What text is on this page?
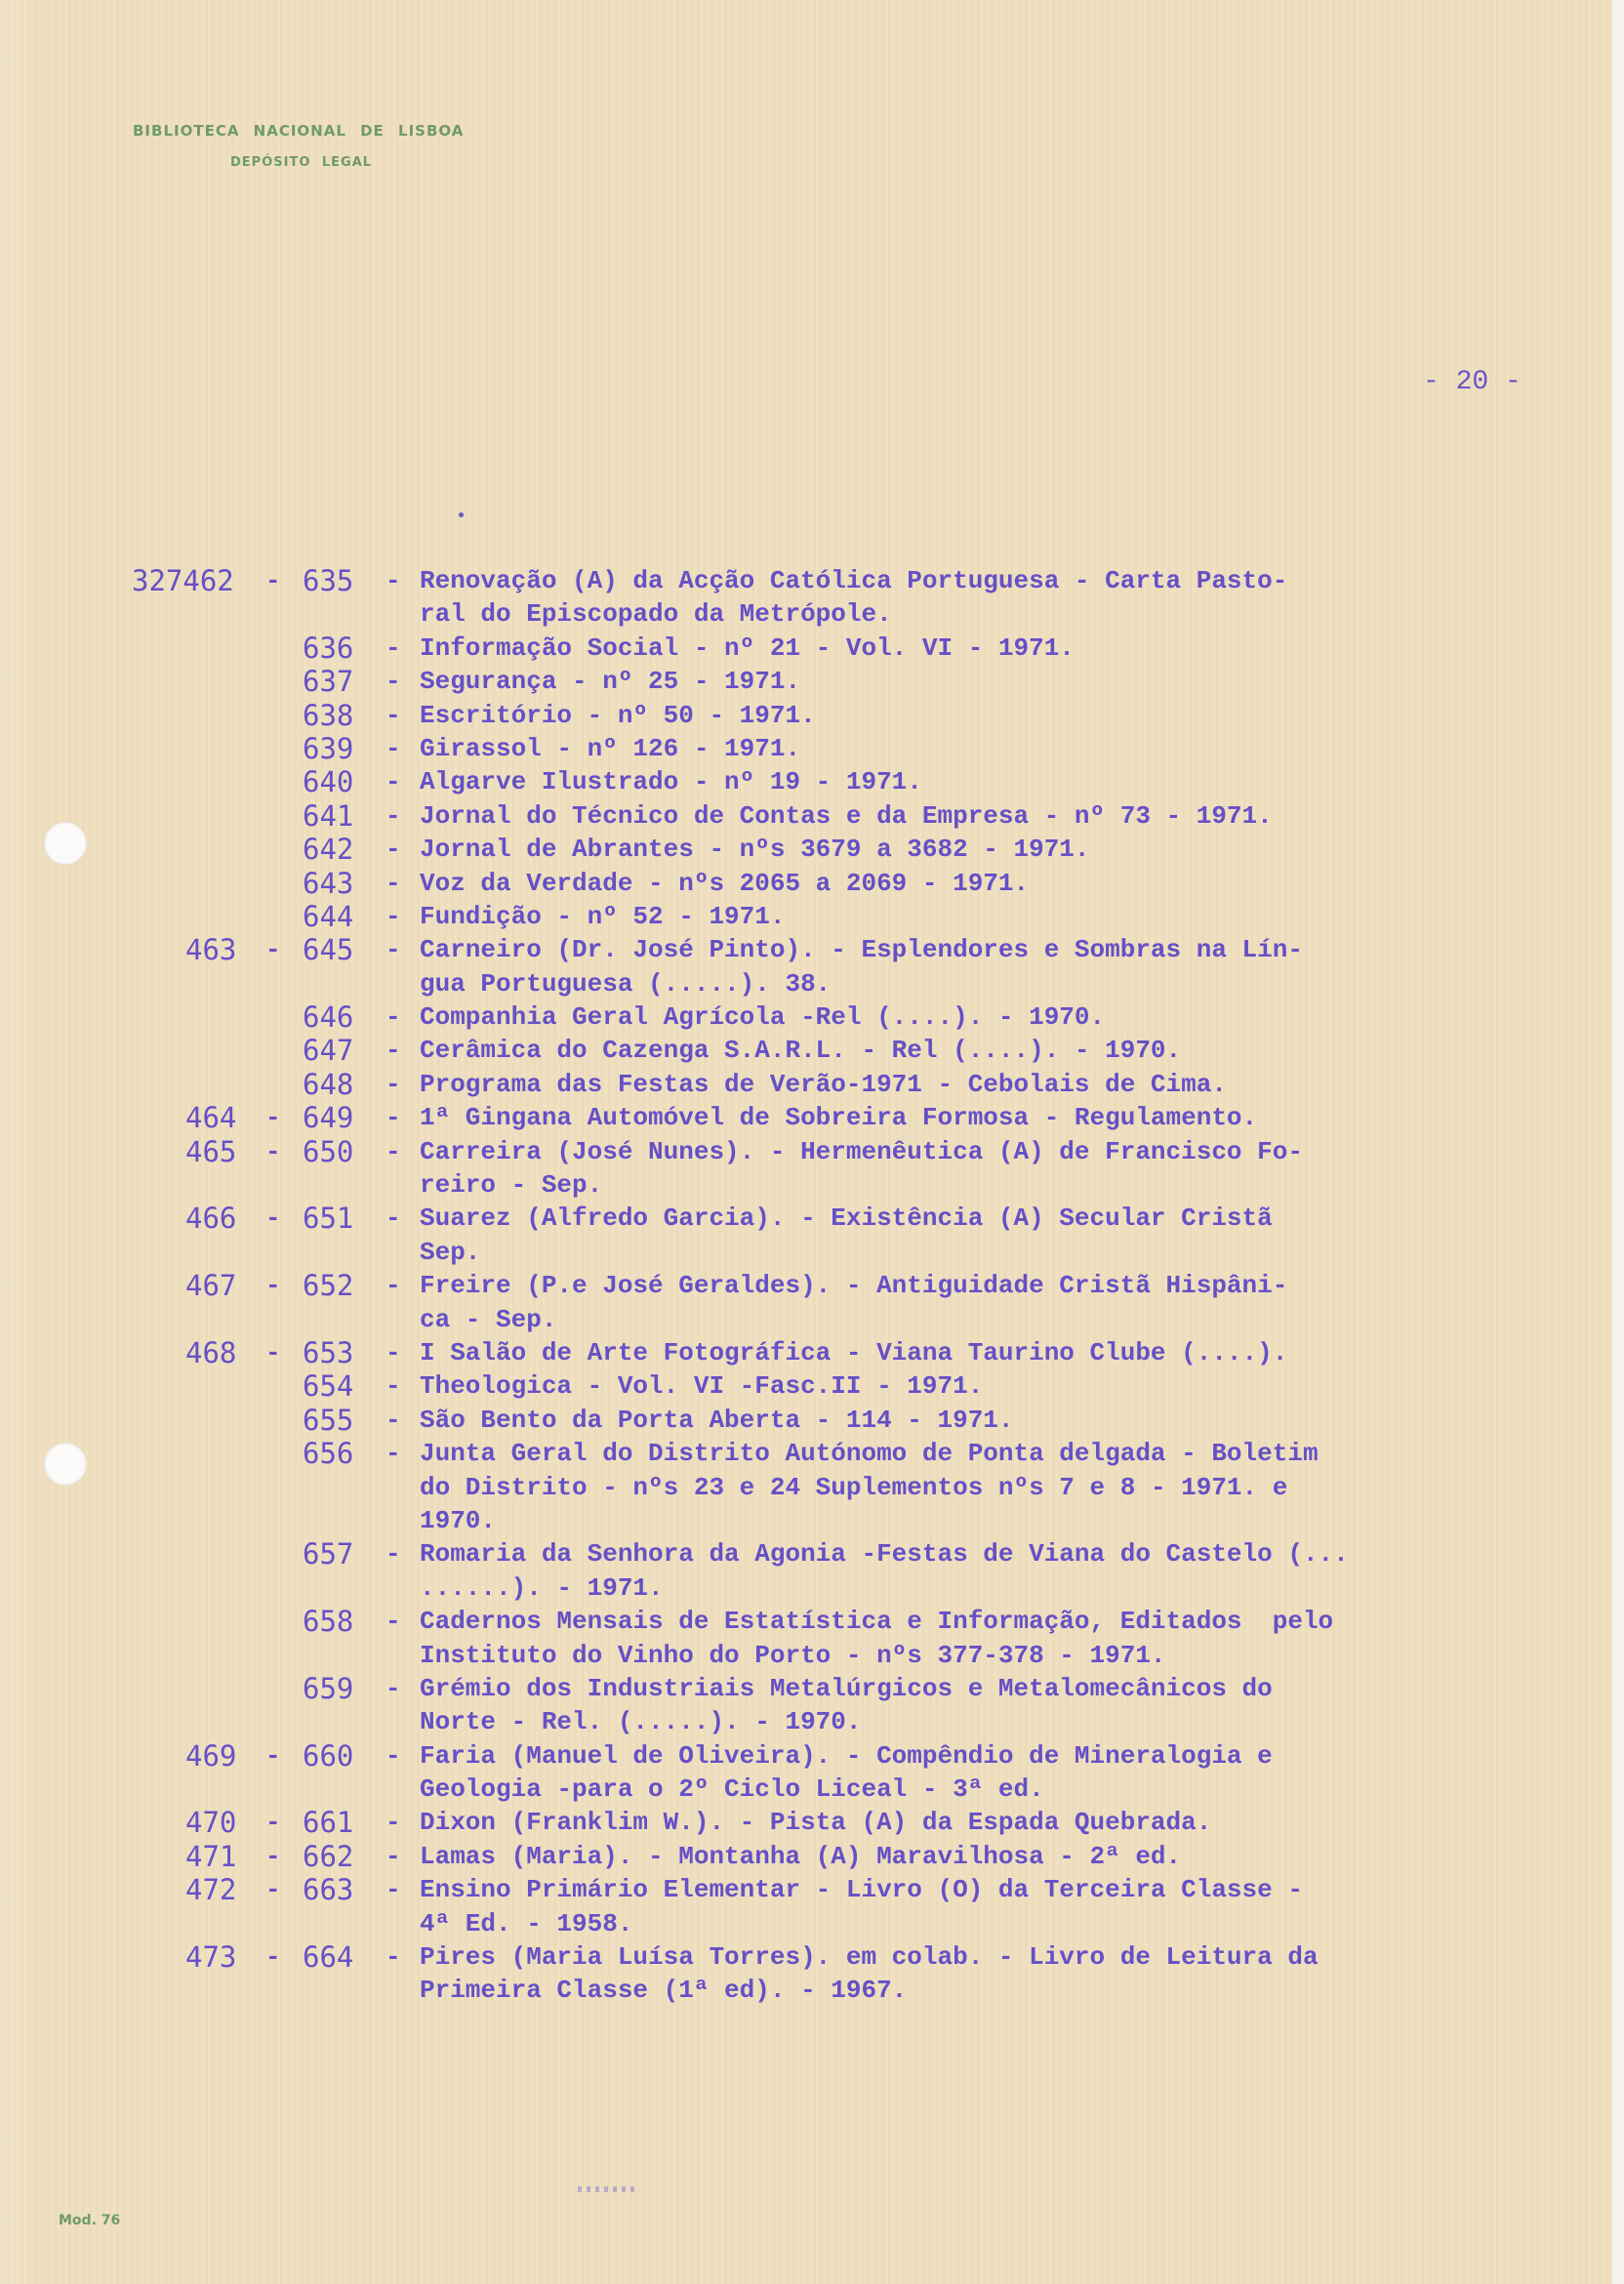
BIBLIOTECA NACIONAL DE LISBOA
DEPÓSITO LEGAL
- 20 -
327462	- 635 - Renovação (A) da Acção Católica Portuguesa - Carta Pasto-
ral do Episcopado da Metrópole.
636 - Informação Social - nº 21 - Vol. VI - 1971.
637 - Segurança - nº 25 - 1971.
638 - Escritório - nº 50 - 1971.
639 - Girassol - nº 126 - 1971.
640 - Algarve Ilustrado - nº 19 - 1971.
641 - Jornal do Técnico de Contas e da Empresa - nº 73 - 1971.
642 - Jornal de Abrantes - nºs 3679 a 3682 - 1971.
643 - Voz da Verdade - nºs 2065 a 2069 - 1971.
644 - Fundição - nº 52 - 1971.
463	- 645 - Carneiro (Dr. José Pinto). - Esplendores e Sombras na Lín-
gua Portuguesa (.....). 38.
646 - Companhia Geral Agrícola -Rel (....). - 1970.
647 - Cerâmica do Cazenga S.A.R.L. - Rel (....). - 1970.
648 - Programa das Festas de Verão-1971 - Cebolais de Cima.
464	- 649 - 1ª Gingana Automóvel de Sobreira Formosa - Regulamento.
465	- 650 - Carreira (José Nunes). - Hermenêutica (A) de Francisco Fo-
reiro - Sep.
466	- 651 - Suarez (Alfredo Garcia). - Existência (A) Secular Cristã
Sep.
467	- 652 - Freire (P.e José Geraldes). - Antiguidade Cristã Hispâni-
ca - Sep.
468	- 653 - I Salão de Arte Fotográfica - Viana Taurino Clube (....).
654 - Theologica - Vol. VI -Fasc.II - 1971.
655 - São Bento da Porta Aberta - 114 - 1971.
656 - Junta Geral do Distrito Autónomo de Ponta delgada - Boletim
do Distrito - nºs 23 e 24 Suplementos nºs 7 e 8 - 1971. e
1970.
657 - Romaria da Senhora da Agonia -Festas de Viana do Castelo (...
......). - 1971.
658 - Cadernos Mensais de Estatística e Informação, Editados  pelo
Instituto do Vinho do Porto - nºs 377-378 - 1971.
659 - Grémio dos Industriais Metalúrgicos e Metalomecânicos do
Norte - Rel. (.....). - 1970.
469	- 660 - Faria (Manuel de Oliveira). - Compêndio de Mineralogia e
Geologia -para o 2º Ciclo Liceal - 3ª ed.
470	- 661 - Dixon (Franklim W.). - Pista (A) da Espada Quebrada.
471	- 662 - Lamas (Maria). - Montanha (A) Maravilhosa - 2ª ed.
472	- 663 - Ensino Primário Elementar - Livro (O) da Terceira Classe -
4ª Ed. - 1958.
473	- 664 - Pires (Maria Luísa Torres). em colab. - Livro de Leitura da
Primeira Classe (1ª ed). - 1967.
Mod. 76
